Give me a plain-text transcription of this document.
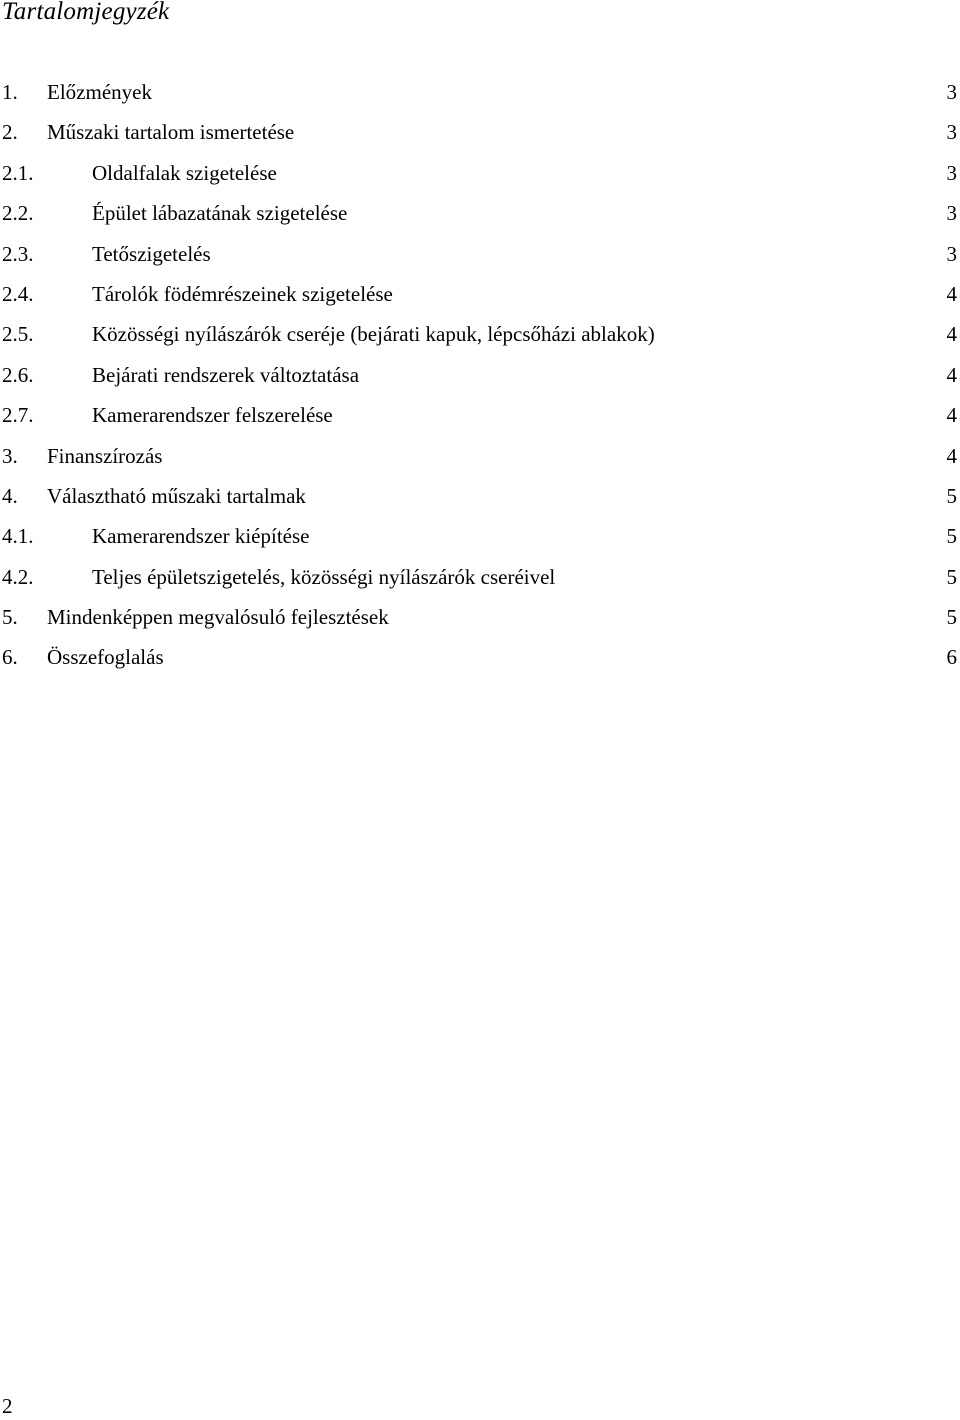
Tartalomjegyzék
1. Előzmények	3
2. Műszaki tartalom ismertetése	3
2.1.	Oldalfalak szigetelése	3
2.2.	Épület lábazatának szigetelése	3
2.3.	Tetőszigetelés	3
2.4.	Tárolók födémrészeinek szigetelése	4
2.5.	Közösségi nyílászárók cseréje (bejárati kapuk, lépcsőházi ablakok)	4
2.6.	Bejárati rendszerek változtatása	4
2.7.	Kamerarendszer felszerelése	4
3. Finanszírozás	4
4. Választható műszaki tartalmak	5
4.1.	Kamerarendszer kiépítése	5
4.2.	Teljes épületszigetelés, közösségi nyílászárók cseréivel	5
5. Mindenképpen megvalósuló fejlesztések	5
6. Összefoglalás	6
2
